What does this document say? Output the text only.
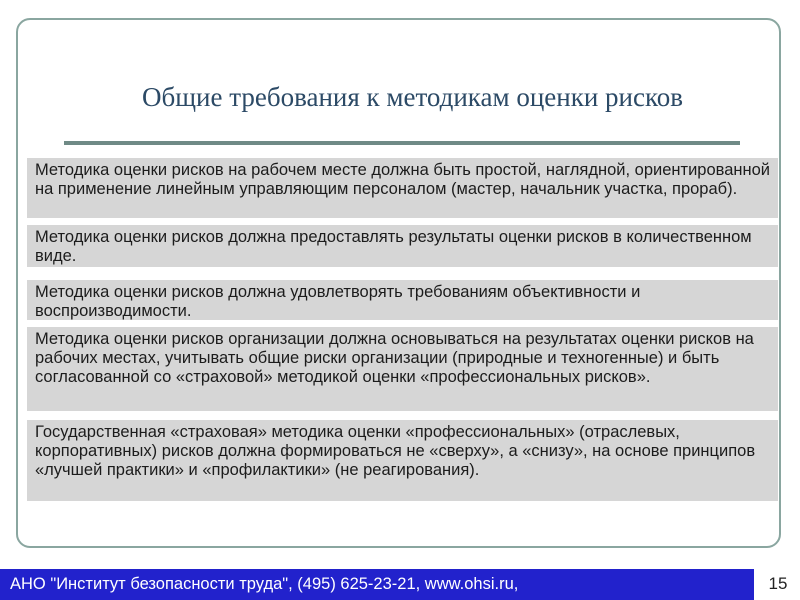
Общие требования к методикам оценки рисков
Методика оценки рисков на рабочем месте должна быть простой, наглядной, ориентированной на применение линейным управляющим персоналом (мастер, начальник участка, прораб).
Методика оценки рисков должна предоставлять результаты оценки рисков в количественном виде.
Методика оценки рисков должна удовлетворять требованиям объективности и воспроизводимости.
Методика оценки рисков организации должна основываться на результатах оценки рисков на рабочих местах, учитывать общие риски организации (природные и техногенные) и быть согласованной со «страховой» методикой оценки «профессиональных рисков».
Государственная «страховая» методика оценки «профессиональных» (отраслевых, корпоративных) рисков должна формироваться не «сверху», а «снизу», на основе принципов «лучшей практики» и «профилактики» (не реагирования).
АНО "Институт безопасности труда", (495) 625-23-21, www.ohsi.ru,	15
